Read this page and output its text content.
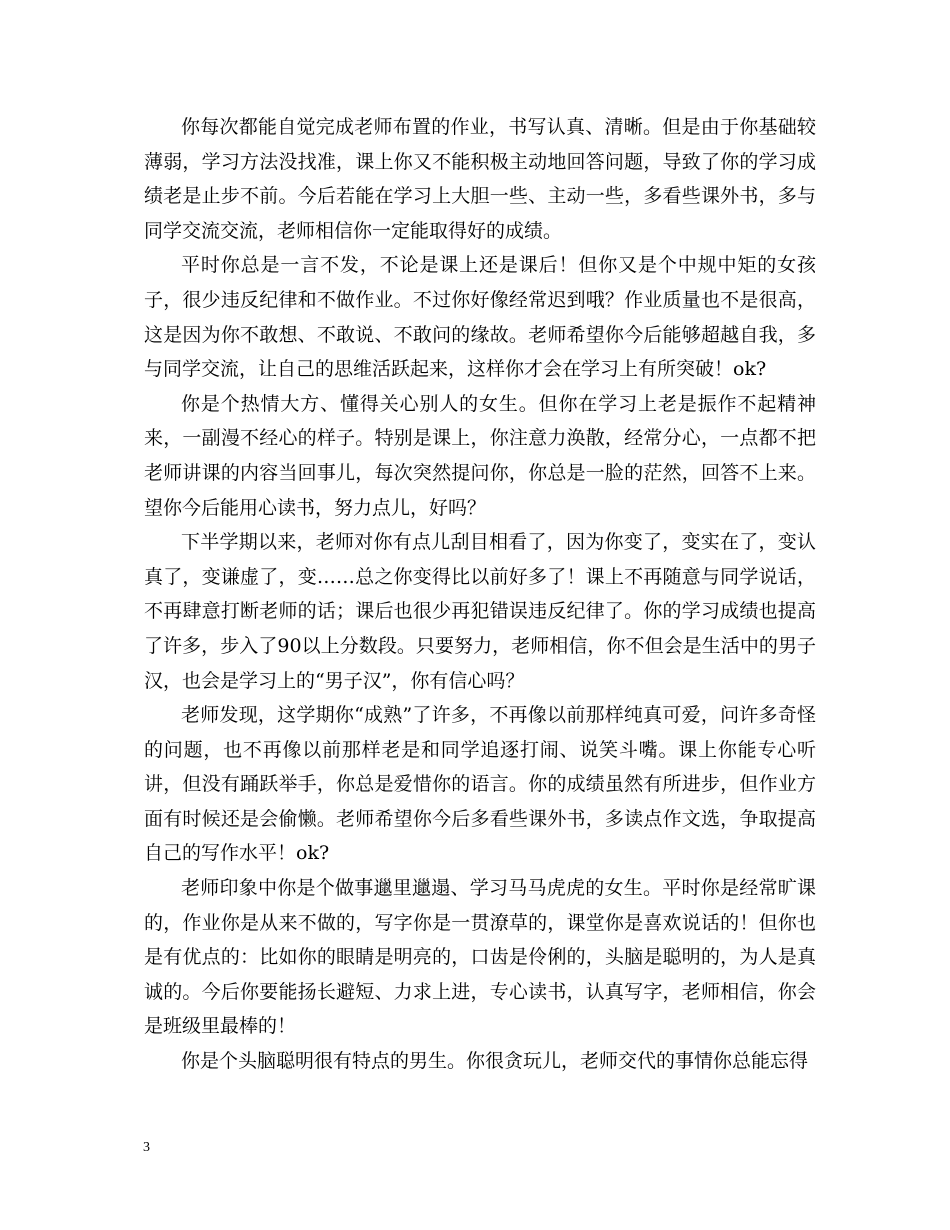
你每次都能自觉完成老师布置的作业，书写认真、清晰。但是由于你基础较薄弱，学习方法没找准，课上你又不能积极主动地回答问题，导致了你的学习成绩老是止步不前。今后若能在学习上大胆一些、主动一些，多看些课外书，多与同学交流交流，老师相信你一定能取得好的成绩。

平时你总是一言不发，不论是课上还是课后！但你又是个中规中矩的女孩子，很少违反纪律和不做作业。不过你好像经常迟到哦？作业质量也不是很高，这是因为你不敢想、不敢说、不敢问的缘故。老师希望你今后能够超越自我，多与同学交流，让自己的思维活跃起来，这样你才会在学习上有所突破！ok?

你是个热情大方、懂得关心别人的女生。但你在学习上老是振作不起精神来，一副漫不经心的样子。特别是课上，你注意力涣散，经常分心，一点都不把老师讲课的内容当回事儿，每次突然提问你，你总是一脸的茫然，回答不上来。望你今后能用心读书，努力点儿，好吗？

下半学期以来，老师对你有点儿刮目相看了，因为你变了，变实在了，变认真了，变谦虚了，变……总之你变得比以前好多了！课上不再随意与同学说话，不再肆意打断老师的话；课后也很少再犯错误违反纪律了。你的学习成绩也提高了许多，步入了90以上分数段。只要努力，老师相信，你不但会是生活中的男子汉，也会是学习上的“男子汉”，你有信心吗？

老师发现，这学期你“成熟”了许多，不再像以前那样纯真可爱，问许多奇怪的问题，也不再像以前那样老是和同学追逐打闹、说笑斗嘴。课上你能专心听讲，但没有踊跃举手，你总是爱惜你的语言。你的成绩虽然有所进步，但作业方面有时候还是会偷懒。老师希望你今后多看些课外书，多读点作文选，争取提高自己的写作水平！ok?

老师印象中你是个做事邋里邋遢、学习马马虎虎的女生。平时你是经常旷课的，作业你是从来不做的，写字你是一贯潦草的，课堂你是喜欢说话的！但你也是有优点的：比如你的眼睛是明亮的，口齿是伶俐的，头脑是聪明的，为人是真诚的。今后你要能扬长避短、力求上进，专心读书，认真写字，老师相信，你会是班级里最棒的！

你是个头脑聪明很有特点的男生。你很贪玩儿，老师交代的事情你总能忘得

3
